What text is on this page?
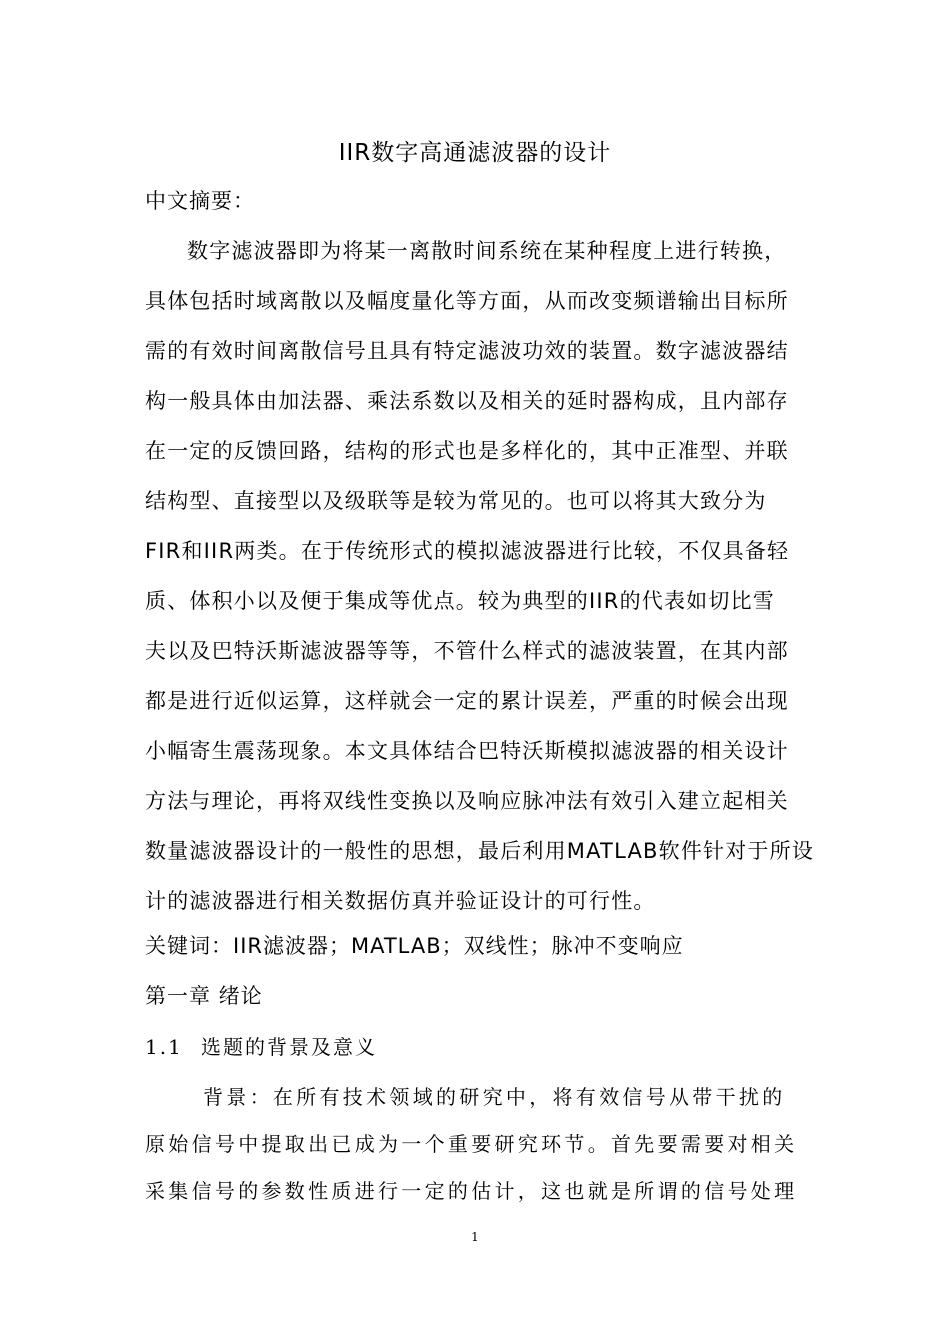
IIR数字高通滤波器的设计
中文摘要：
数字滤波器即为将某一离散时间系统在某种程度上进行转换，
具体包括时域离散以及幅度量化等方面，从而改变频谱输出目标所
需的有效时间离散信号且具有特定滤波功效的装置。数字滤波器结
构一般具体由加法器、乘法系数以及相关的延时器构成，且内部存
在一定的反馈回路，结构的形式也是多样化的，其中正准型、并联
结构型、直接型以及级联等是较为常见的。也可以将其大致分为
FIR和IIR两类。在于传统形式的模拟滤波器进行比较，不仅具备轻
质、体积小以及便于集成等优点。较为典型的IIR的代表如切比雪
夫以及巴特沃斯滤波器等等，不管什么样式的滤波装置，在其内部
都是进行近似运算，这样就会一定的累计误差，严重的时候会出现
小幅寄生震荡现象。本文具体结合巴特沃斯模拟滤波器的相关设计
方法与理论，再将双线性变换以及响应脉冲法有效引入建立起相关
数量滤波器设计的一般性的思想，最后利用MATLAB软件针对于所设
计的滤波器进行相关数据仿真并验证设计的可行性。
关键词：IIR滤波器；MATLAB；双线性；脉冲不变响应
第一章 绪论
1.1 选题的背景及意义
背景：在所有技术领域的研究中，将有效信号从带干扰的
原始信号中提取出已成为一个重要研究环节。首先要需要对相关
采集信号的参数性质进行一定的估计，这也就是所谓的信号处理
1
